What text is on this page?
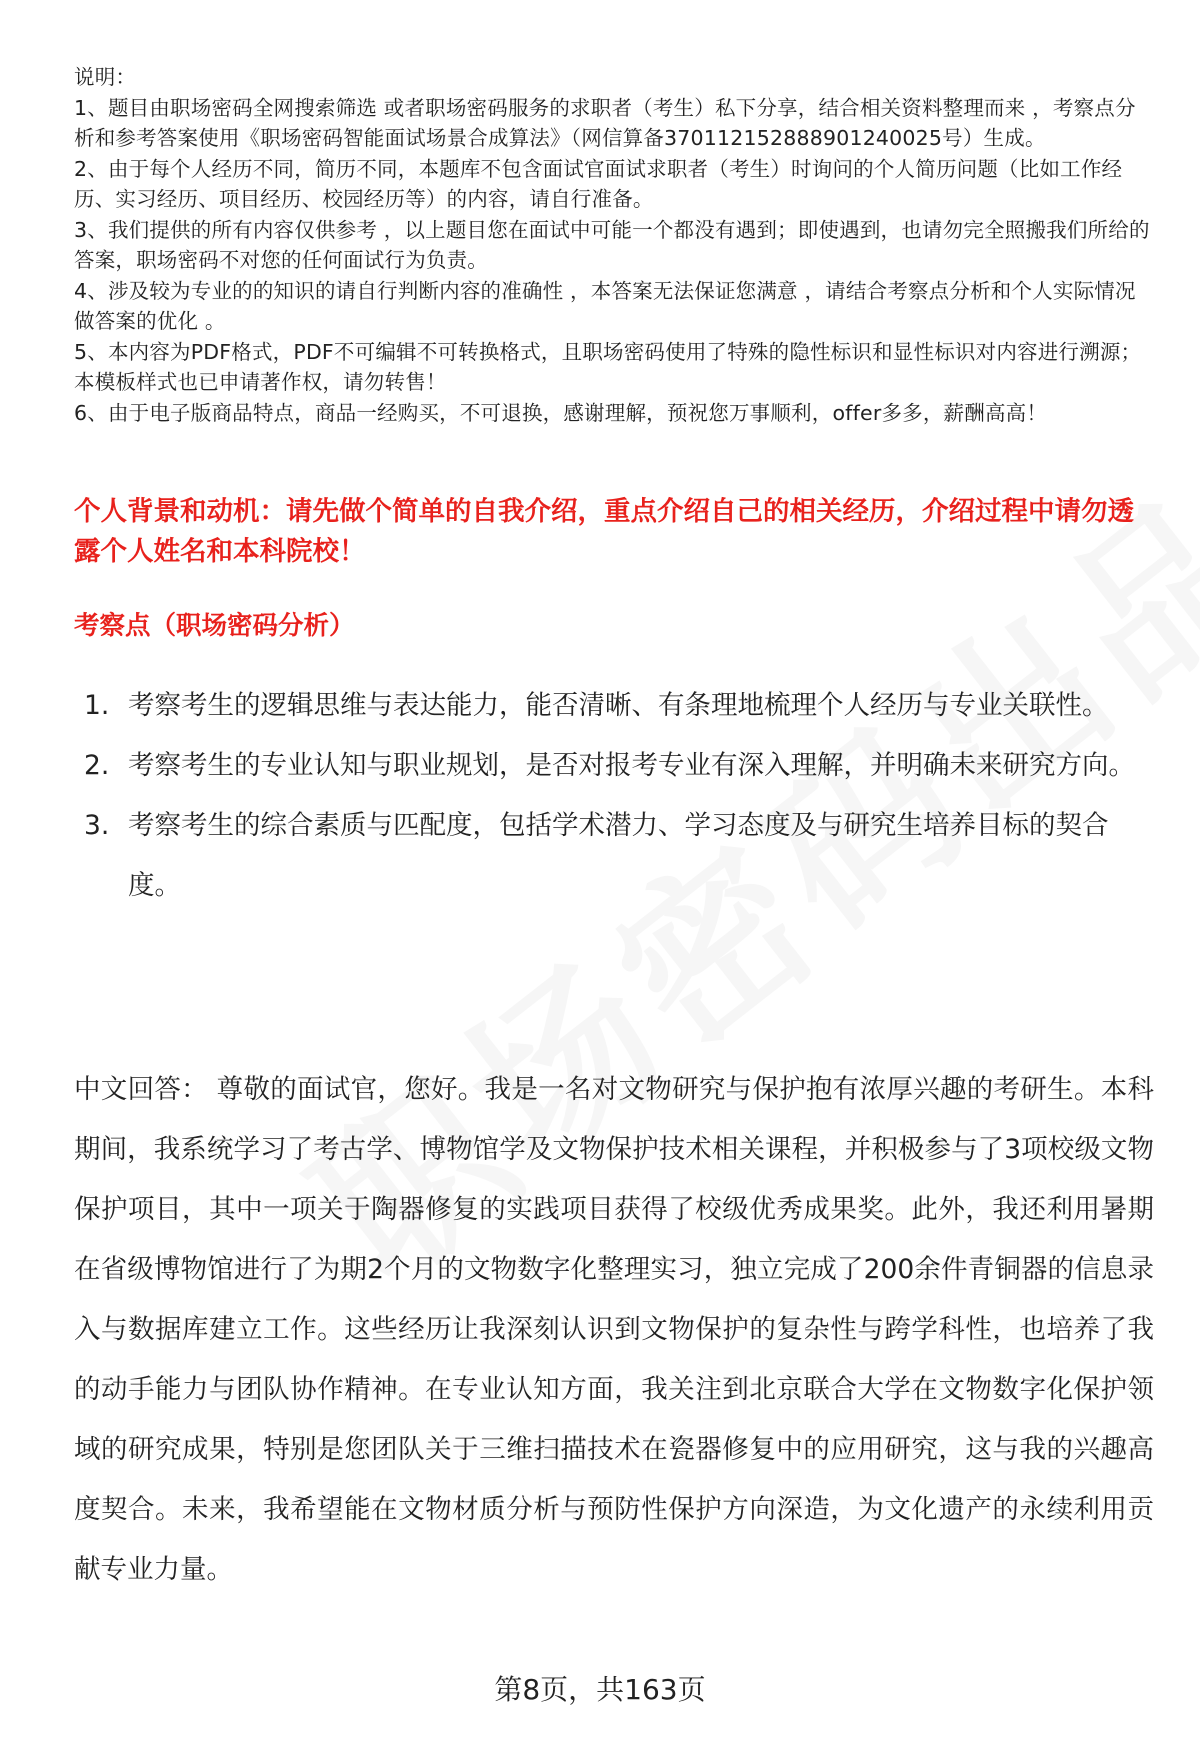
说明：

1、题目由职场密码全网搜索筛选 或者职场密码服务的求职者（考生）私下分享，结合相关资料整理而来 ，考察点分析和参考答案使用《职场密码智能面试场景合成算法》（网信算备370112152888901240025号）生成。

2、由于每个人经历不同，简历不同，本题库不包含面试官面试求职者（考生）时询问的个人简历问题（比如工作经历、实习经历、项目经历、校园经历等）的内容，请自行准备。

3、我们提供的所有内容仅供参考 ，以上题目您在面试中可能一个都没有遇到；即使遇到，也请勿完全照搬我们所给的答案，职场密码不对您的任何面试行为负责。

4、涉及较为专业的的知识的请自行判断内容的准确性 ，本答案无法保证您满意 ，请结合考察点分析和个人实际情况做答案的优化 。

5、本内容为PDF格式，PDF不可编辑不可转换格式，且职场密码使用了特殊的隐性标识和显性标识对内容进行溯源；本模板样式也已申请著作权，请勿转售！

6、由于电子版商品特点，商品一经购买，不可退换，感谢理解，预祝您万事顺利，offer多多，薪酬高高！

个人背景和动机：请先做个简单的自我介绍，重点介绍自己的相关经历，介绍过程中请勿透露个人姓名和本科院校！

考察点（职场密码分析）

1. 考察考生的逻辑思维与表达能力，能否清晰、有条理地梳理个人经历与专业关联性。
2. 考察考生的专业认知与职业规划，是否对报考专业有深入理解，并明确未来研究方向。
3. 考察考生的综合素质与匹配度，包括学术潜力、学习态度及与研究生培养目标的契合度。

中文回答： 尊敬的面试官，您好。我是一名对文物研究与保护抱有浓厚兴趣的考研生。本科期间，我系统学习了考古学、博物馆学及文物保护技术相关课程，并积极参与了3项校级文物保护项目，其中一项关于陶器修复的实践项目获得了校级优秀成果奖。此外，我还利用暑期在省级博物馆进行了为期2个月的文物数字化整理实习，独立完成了200余件青铜器的信息录入与数据库建立工作。这些经历让我深刻认识到文物保护的复杂性与跨学科性，也培养了我的动手能力与团队协作精神。在专业认知方面，我关注到北京联合大学在文物数字化保护领域的研究成果，特别是您团队关于三维扫描技术在瓷器修复中的应用研究，这与我的兴趣高度契合。未来，我希望能在文物材质分析与预防性保护方向深造，为文化遗产的永续利用贡献专业力量。

第8页，共163页
